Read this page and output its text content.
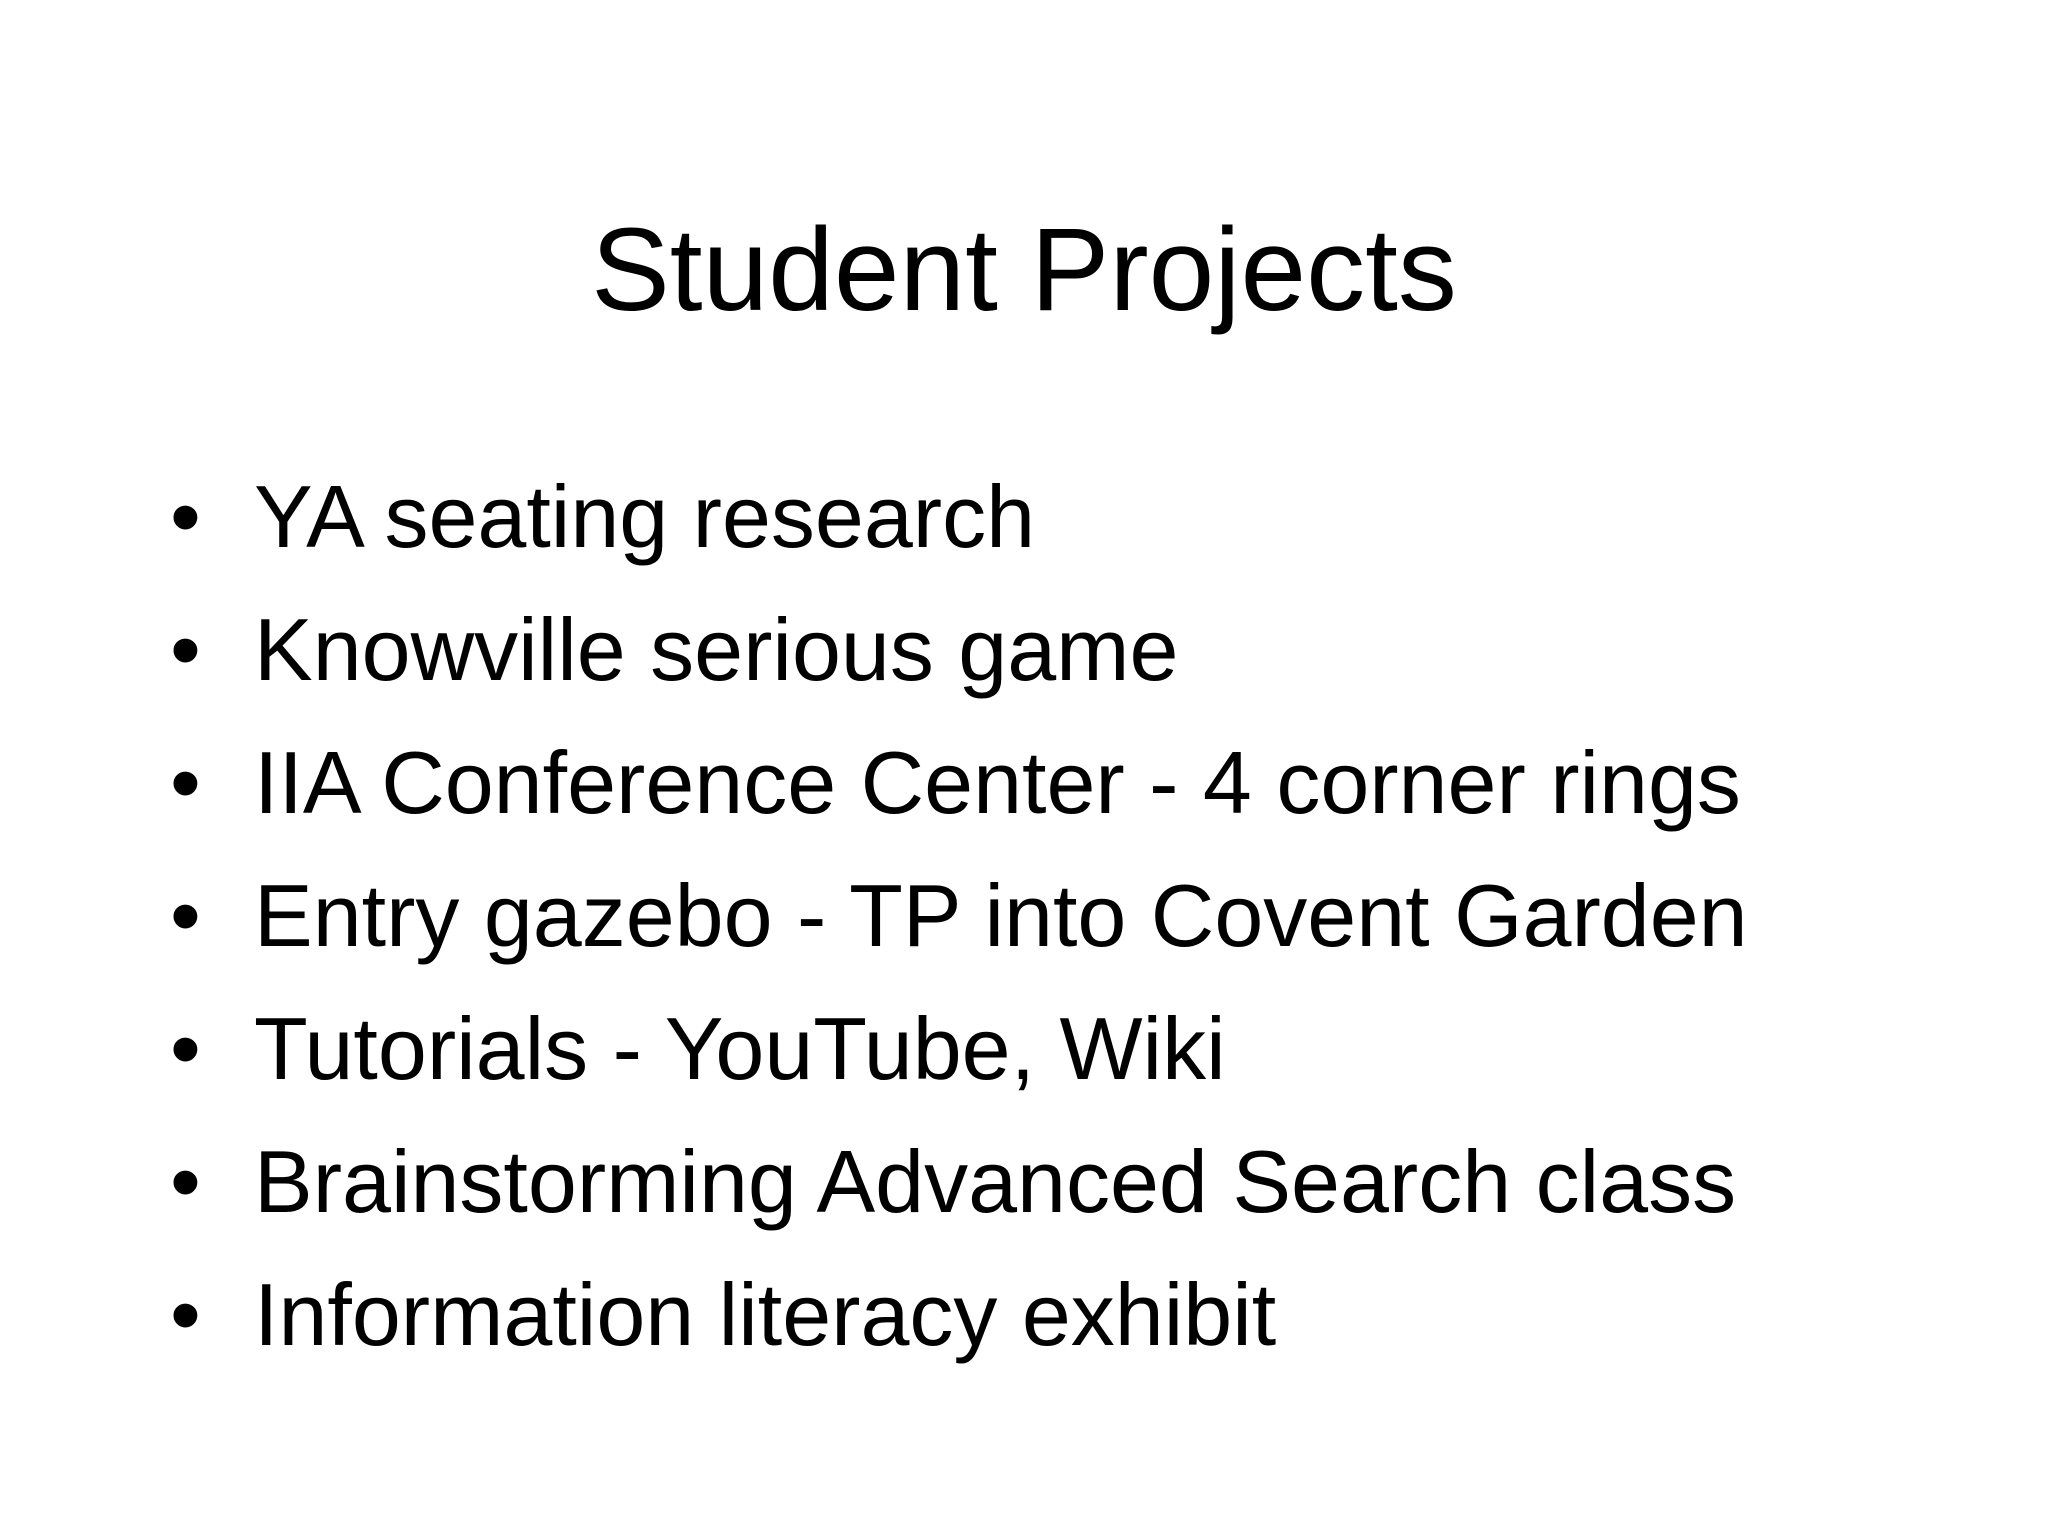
Student Projects
• YA seating research
• Knowville serious game
• IIA Conference Center - 4 corner rings
• Entry gazebo - TP into Covent Garden
• Tutorials - YouTube, Wiki
• Brainstorming Advanced Search class
• Information literacy exhibit
